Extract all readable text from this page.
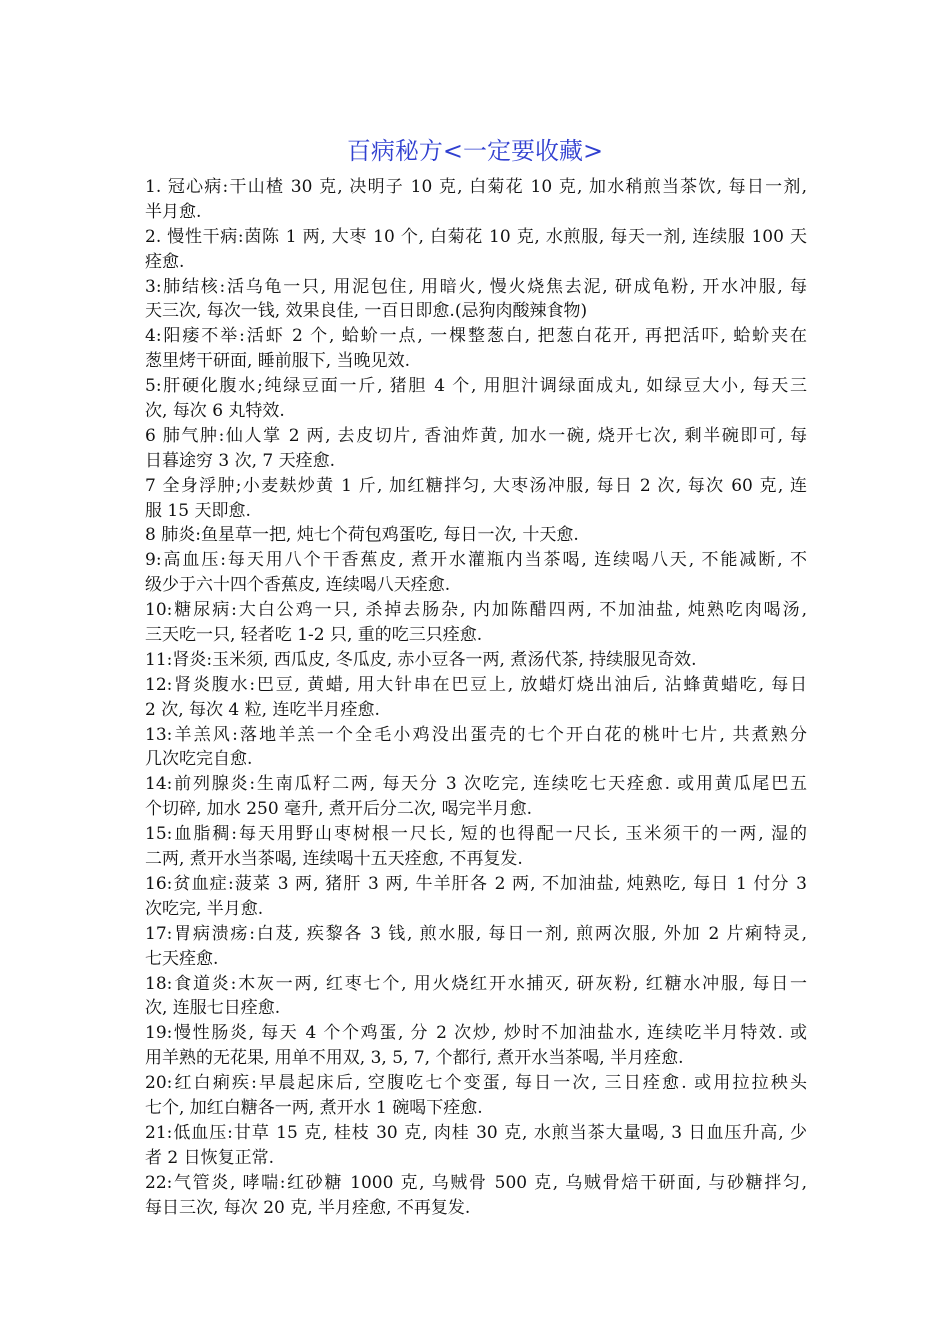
百病秘方<一定要收藏>
1. 冠心病:干山楂 30 克, 决明子 10 克, 白菊花 10 克, 加水稍煎当茶饮, 每日一剂,
半月愈.
2. 慢性干病:茵陈 1 两, 大枣 10 个, 白菊花 10 克, 水煎服, 每天一剂, 连续服 100 天
痊愈.
3:肺结核:活乌龟一只, 用泥包住, 用暗火, 慢火烧焦去泥, 研成龟粉, 开水冲服, 每
天三次, 每次一钱, 效果良佳, 一百日即愈.(忌狗肉酸辣食物)
4:阳痿不举:活虾 2 个, 蛤蚧一点, 一棵整葱白, 把葱白花开, 再把活吓, 蛤蚧夹在
葱里烤干研面, 睡前服下, 当晚见效.
5:肝硬化腹水;纯绿豆面一斤, 猪胆 4 个, 用胆汁调绿面成丸, 如绿豆大小, 每天三
次, 每次 6 丸特效.
6 肺气肿:仙人掌 2 两, 去皮切片, 香油炸黄, 加水一碗, 烧开七次, 剩半碗即可, 每
日暮途穷 3 次, 7 天痊愈.
7 全身浮肿;小麦麸炒黄 1 斤, 加红糖拌匀, 大枣汤冲服, 每日 2 次, 每次 60 克, 连
服 15 天即愈.
8 肺炎:鱼星草一把, 炖七个荷包鸡蛋吃, 每日一次, 十天愈.
9:高血压:每天用八个干香蕉皮, 煮开水灌瓶内当茶喝, 连续喝八天, 不能减断, 不
级少于六十四个香蕉皮, 连续喝八天痊愈.
10:糖尿病:大白公鸡一只, 杀掉去肠杂, 内加陈醋四两, 不加油盐, 炖熟吃肉喝汤,
三天吃一只, 轻者吃 1-2 只, 重的吃三只痊愈.
11:肾炎:玉米须, 西瓜皮, 冬瓜皮, 赤小豆各一两, 煮汤代茶, 持续服见奇效.
12:肾炎腹水:巴豆, 黄蜡, 用大针串在巴豆上, 放蜡灯烧出油后, 沾蜂黄蜡吃, 每日
2 次, 每次 4 粒, 连吃半月痊愈.
13:羊羔风:落地羊羔一个全毛小鸡没出蛋壳的七个开白花的桃叶七片, 共煮熟分
几次吃完自愈.
14:前列腺炎:生南瓜籽二两, 每天分 3 次吃完, 连续吃七天痊愈. 或用黄瓜尾巴五
个切碎, 加水 250 毫升, 煮开后分二次, 喝完半月愈.
15:血脂稠:每天用野山枣树根一尺长, 短的也得配一尺长, 玉米须干的一两, 湿的
二两, 煮开水当茶喝, 连续喝十五天痊愈, 不再复发.
16:贫血症:菠菜 3 两, 猪肝 3 两, 牛羊肝各 2 两, 不加油盐, 炖熟吃, 每日 1 付分 3
次吃完, 半月愈.
17:胃病溃疡:白芨, 疾黎各 3 钱, 煎水服, 每日一剂, 煎两次服, 外加 2 片痢特灵,
七天痊愈.
18:食道炎:木灰一两, 红枣七个, 用火烧红开水捕灭, 研灰粉, 红糖水冲服, 每日一
次, 连服七日痊愈.
19:慢性肠炎, 每天 4 个个鸡蛋, 分 2 次炒, 炒时不加油盐水, 连续吃半月特效. 或
用羊熟的无花果, 用单不用双, 3, 5, 7, 个都行, 煮开水当茶喝, 半月痊愈.
20:红白痢疾:早晨起床后, 空腹吃七个变蛋, 每日一次, 三日痊愈. 或用拉拉秧头
七个, 加红白糖各一两, 煮开水 1 碗喝下痊愈.
21:低血压:甘草 15 克, 桂枝 30 克, 肉桂 30 克, 水煎当茶大量喝, 3 日血压升高, 少
者 2 日恢复正常.
22:气管炎, 哮喘:红砂糖 1000 克, 乌贼骨 500 克, 乌贼骨焙干研面, 与砂糖拌匀,
每日三次, 每次 20 克, 半月痊愈, 不再复发.
